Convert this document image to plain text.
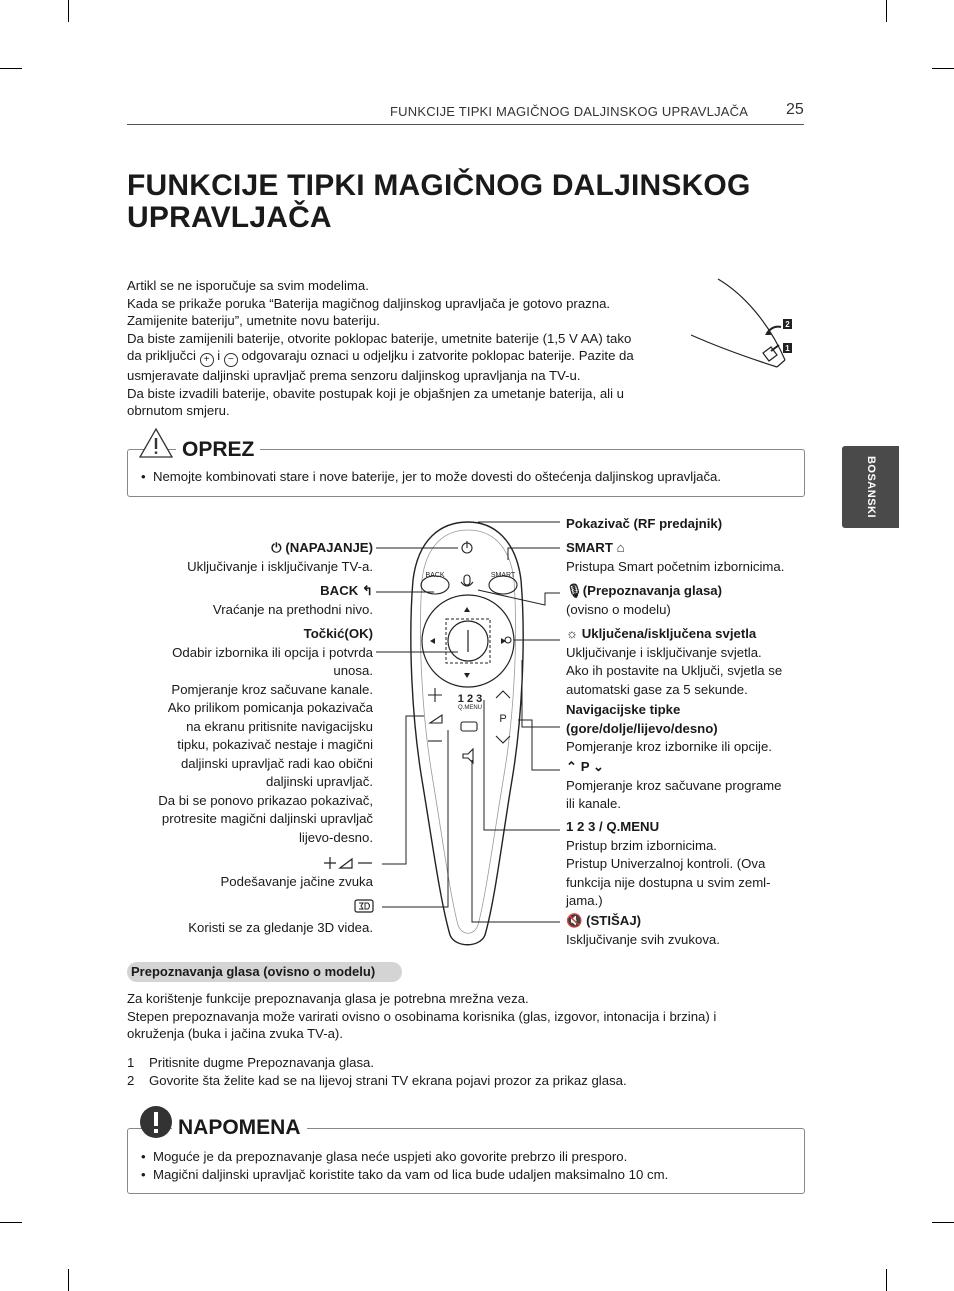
FUNKCIJE TIPKI MAGIČNOG DALJINSKOG UPRAVLJAČA 25
FUNKCIJE TIPKI MAGIČNOG DALJINSKOG
UPRAVLJAČA

Artikl se ne isporučuje sa svim modelima.

Kada se prikaže poruka “Baterija magičnog daljinskog upravljača je gotovo prazna.

Zamijenite bateriju”, umetnite novu bateriju.

Da biste zamijenili baterije, otvorite poklopac baterije, umetnite baterije (1,5 V AA) tako

da priključci + i − odgovaraju oznaci u odjeljku i zatvorite poklopac baterije. Pazite da

usmjeravate daljinski upravljač prema senzoru daljinskog upravljanja na TV-u.

Da biste izvadili baterije, obavite postupak koji je objašnjen za umetanje baterija, ali u

obrnutom smjeru.

2
1
OPREZ
•  Nemojte kombinovati stare i nove baterije, jer to može dovesti do oštećenja daljinskog upravljača.	BOSANSKI
BACK	SMART
1 2 3
Q.MENU
P
⏻ (NAPAJANJE)
Uključivanje i isključivanje TV-a.
BACK ↰
Vraćanje na prethodni nivo.
Točkić(OK)
Odabir izbornika ili opcija i potvrda
unosa.
Pomjeranje kroz sačuvane kanale.
Ako prilikom pomicanja pokazivača
na ekranu pritisnite navigacijsku
tipku, pokazivač nestaje i magični
daljinski upravljač radi kao obični
daljinski upravljač.
Da bi se ponovo prikazao pokazivač,
protresite magični daljinski upravljač
lijevo-desno.
Podešavanje jačine zvuka
Koristi se za gledanje 3D videa.
Pokazivač (RF predajnik)
SMART ⌂
Pristupa Smart početnim izbornicima.
🎙(Prepoznavanja glasa)
(ovisno o modelu)
☼ Uključena/isključena svjetla
Uključivanje i isključivanje svjetla.
Ako ih postavite na Uključi, svjetla se
automatski gase za 5 sekunde.
Navigacijske tipke
(gore/dolje/lijevo/desno)
Pomjeranje kroz izbornike ili opcije.
⌃ P ⌄
Pomjeranje kroz sačuvane programe
ili kanale.
1 2 3 / Q.MENU
Pristup brzim izbornicima.
Pristup Univerzalnoj kontroli. (Ova
funkcija nije dostupna u svim zeml-
jama.)
🔇 (STIŠAJ)
Isključivanje svih zvukova.
Prepoznavanja glasa (ovisno o modelu)

Za korištenje funkcije prepoznavanja glasa je potrebna mrežna veza.

Stepen prepoznavanja može varirati ovisno o osobinama korisnika (glas, izgovor, intonacija i brzina) i

okruženja (buka i jačina zvuka TV-a).

1 Pritisnite dugme Prepoznavanja glasa.
2 Govorite šta želite kad se na lijevoj strani TV ekrana pojavi prozor za prikaz glasa.
NAPOMENA
•  Moguće je da prepoznavanje glasa neće uspjeti ako govorite prebrzo ili presporo.
•  Magični daljinski upravljač koristite tako da vam od lica bude udaljen maksimalno 10 cm.
